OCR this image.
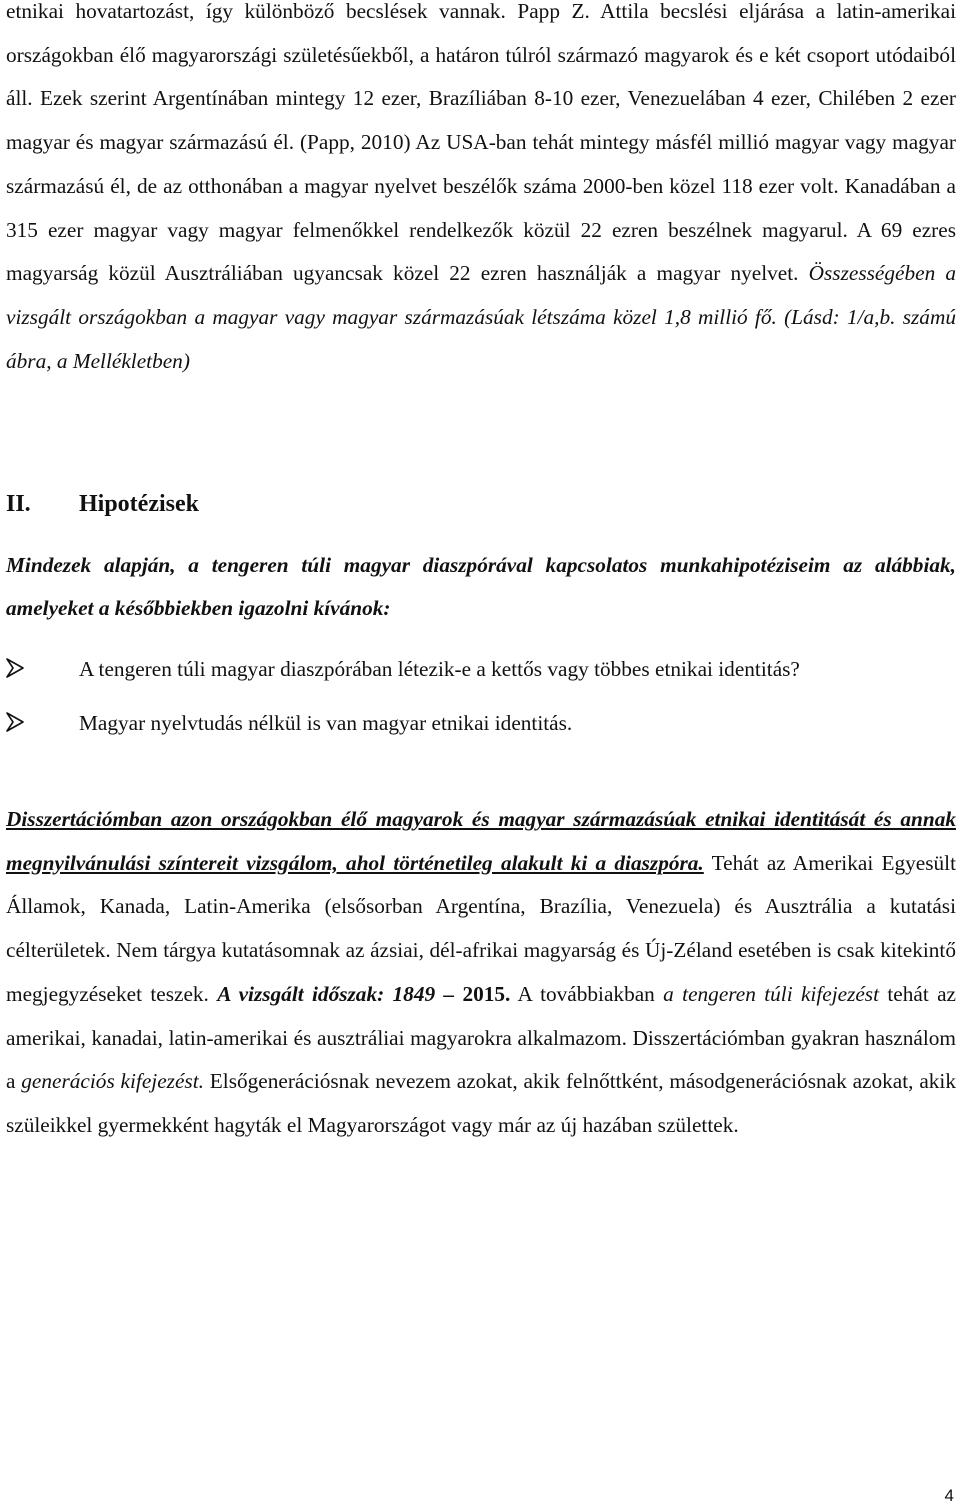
etnikai hovatartozást, így különböző becslések vannak. Papp Z. Attila becslési eljárása a latin-amerikai országokban élő magyarországi születésűekből, a határon túlról származó magyarok és e két csoport utódaiból áll. Ezek szerint Argentínában mintegy 12 ezer, Brazíliában 8-10 ezer, Venezuelában 4 ezer, Chilében 2 ezer magyar és magyar származású él. (Papp, 2010) Az USA-ban tehát mintegy másfél millió magyar vagy magyar származású él, de az otthonában a magyar nyelvet beszélők száma 2000-ben közel 118 ezer volt. Kanadában a 315 ezer magyar vagy magyar felmenőkkel rendelkezők közül 22 ezren beszélnek magyarul. A 69 ezres magyarság közül Ausztráliában ugyancsak közel 22 ezren használják a magyar nyelvet. Összességében a vizsgált országokban a magyar vagy magyar származásúak létszáma közel 1,8 millió fő. (Lásd: 1/a,b. számú ábra, a Mellékletben)

II. Hipotézisek

Mindezek alapján, a tengeren túli magyar diaszpórával kapcsolatos munkahipotéziseim az alábbiak, amelyeket a későbbiekben igazolni kívánok:

A tengeren túli magyar diaszpórában létezik-e a kettős vagy többes etnikai identitás?
Magyar nyelvtudás nélkül is van magyar etnikai identitás.

Disszertációmban azon országokban élő magyarok és magyar származásúak etnikai identitását és annak megnyilvánulási színtereit vizsgálom, ahol történetileg alakult ki a diaszpóra. Tehát az Amerikai Egyesült Államok, Kanada, Latin-Amerika (elsősorban Argentína, Brazília, Venezuela) és Ausztrália a kutatási célterületek. Nem tárgya kutatásomnak az ázsiai, dél-afrikai magyarság és Új-Zéland esetében is csak kitekintő megjegyzéseket teszek. A vizsgált időszak: 1849 – 2015. A továbbiakban a tengeren túli kifejezést tehát az amerikai, kanadai, latin-amerikai és ausztráliai magyarokra alkalmazom. Disszertációmban gyakran használom a generációs kifejezést. Elsőgenerációsnak nevezem azokat, akik felnőttként, másodgenerációsnak azokat, akik szüleikkel gyermekként hagyták el Magyarországot vagy már az új hazában születtek.

4
